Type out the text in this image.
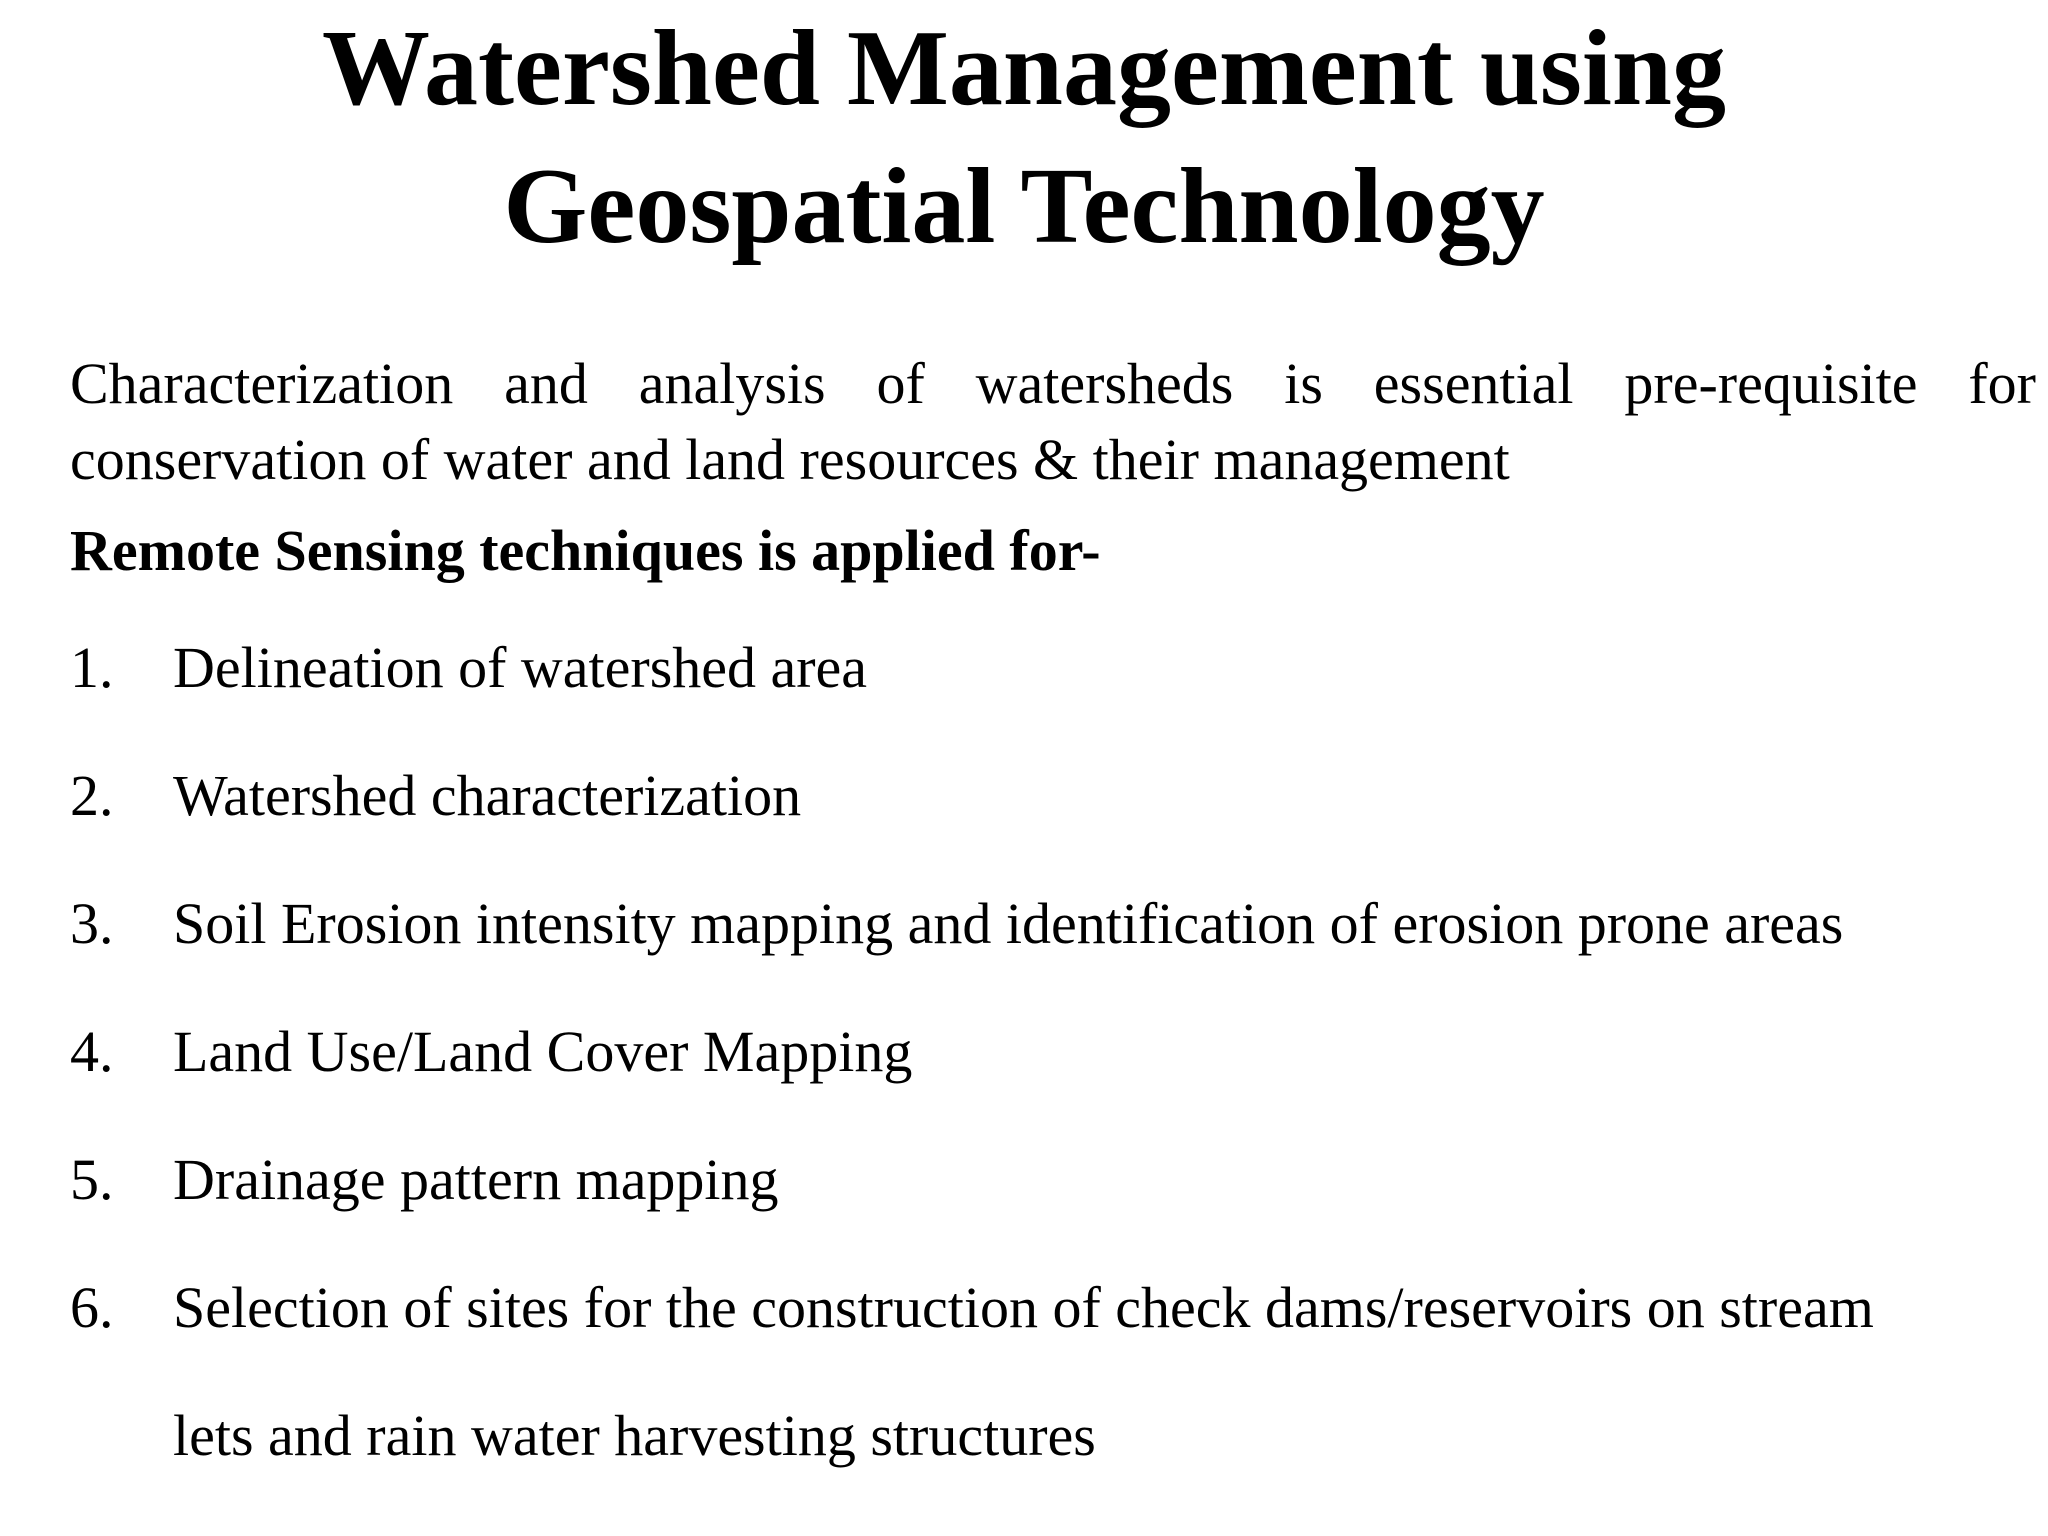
Watershed Management using
Geospatial Technology

Characterization and analysis of watersheds is essential pre-requisite for
conservation of water and land resources & their management

Remote Sensing techniques is applied for-

1. Delineation of watershed area
2. Watershed characterization
3. Soil Erosion intensity mapping and identification of erosion prone areas
4. Land Use/Land Cover Mapping
5. Drainage pattern mapping
6. Selection of sites for the construction of check dams/reservoirs on stream
lets and rain water harvesting structures
